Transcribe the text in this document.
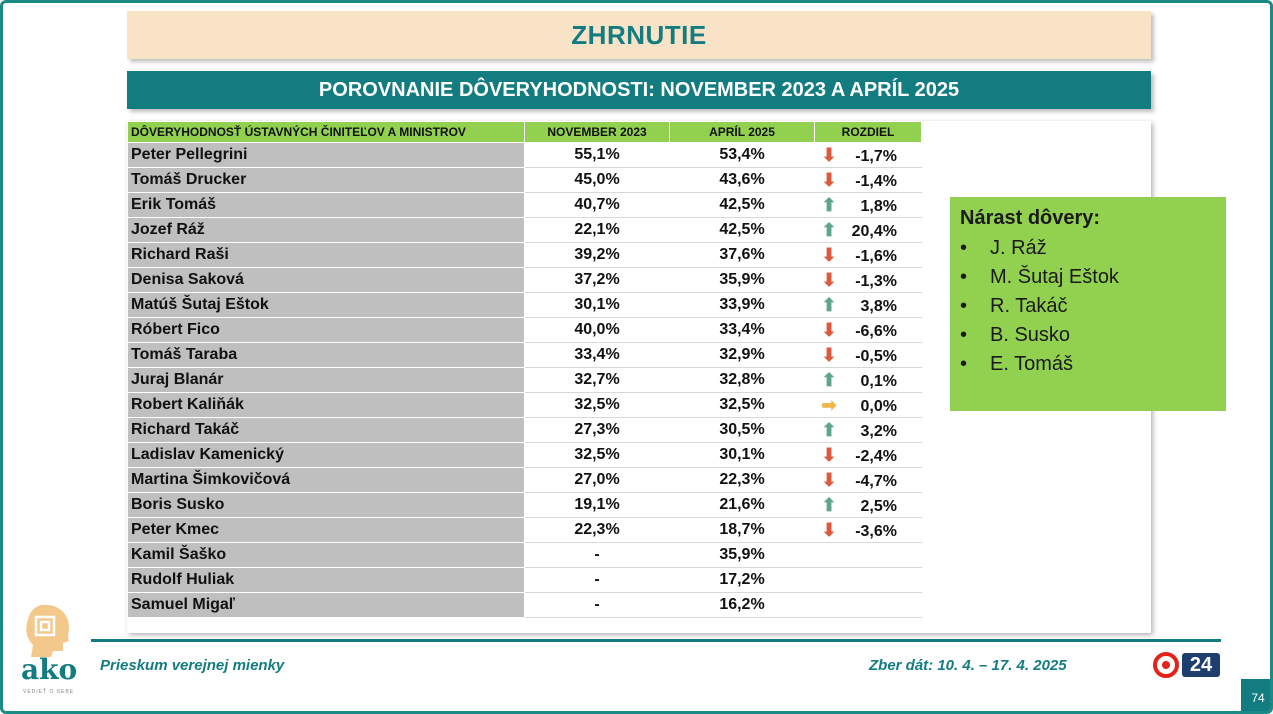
ZHRNUTIE
POROVNANIE DÔVERYHODNOSTI: NOVEMBER 2023 A APRÍL 2025
DÔVERYHODNOSŤ ÚSTAVNÝCH ČINITEĽOV A MINISTROV	NOVEMBER 2023	APRÍL 2025	ROZDIEL
Peter Pellegrini	55,1%	53,4%	⬇ -1,7%
Tomáš Drucker	45,0%	43,6%	⬇ -1,4%
Erik Tomáš	40,7%	42,5%	⬆ 1,8%
Jozef Ráž	22,1%	42,5%	⬆ 20,4%
Richard Raši	39,2%	37,6%	⬇ -1,6%
Denisa Saková	37,2%	35,9%	⬇ -1,3%
Matúš Šutaj Eštok	30,1%	33,9%	⬆ 3,8%
Róbert Fico	40,0%	33,4%	⬇ -6,6%
Tomáš Taraba	33,4%	32,9%	⬇ -0,5%
Juraj Blanár	32,7%	32,8%	⬆ 0,1%
Robert Kaliňák	32,5%	32,5%	➡ 0,0%
Richard Takáč	27,3%	30,5%	⬆ 3,2%
Ladislav Kamenický	32,5%	30,1%	⬇ -2,4%
Martina Šimkovičová	27,0%	22,3%	⬇ -4,7%
Boris Susko	19,1%	21,6%	⬆ 2,5%
Peter Kmec	22,3%	18,7%	⬇ -3,6%
Kamil Šaško	-	35,9%	
Rudolf Huliak	-	17,2%	
Samuel Migaľ	-	16,2%	
Nárast dôvery:
• J. Ráž
• M. Šutaj Eštok
• R. Takáč
• B. Susko
• E. Tomáš
Prieskum verejnej mienky	Zber dát: 10. 4. – 17. 4. 2025
ako
VEDIEŤ O SEBE
24
74
